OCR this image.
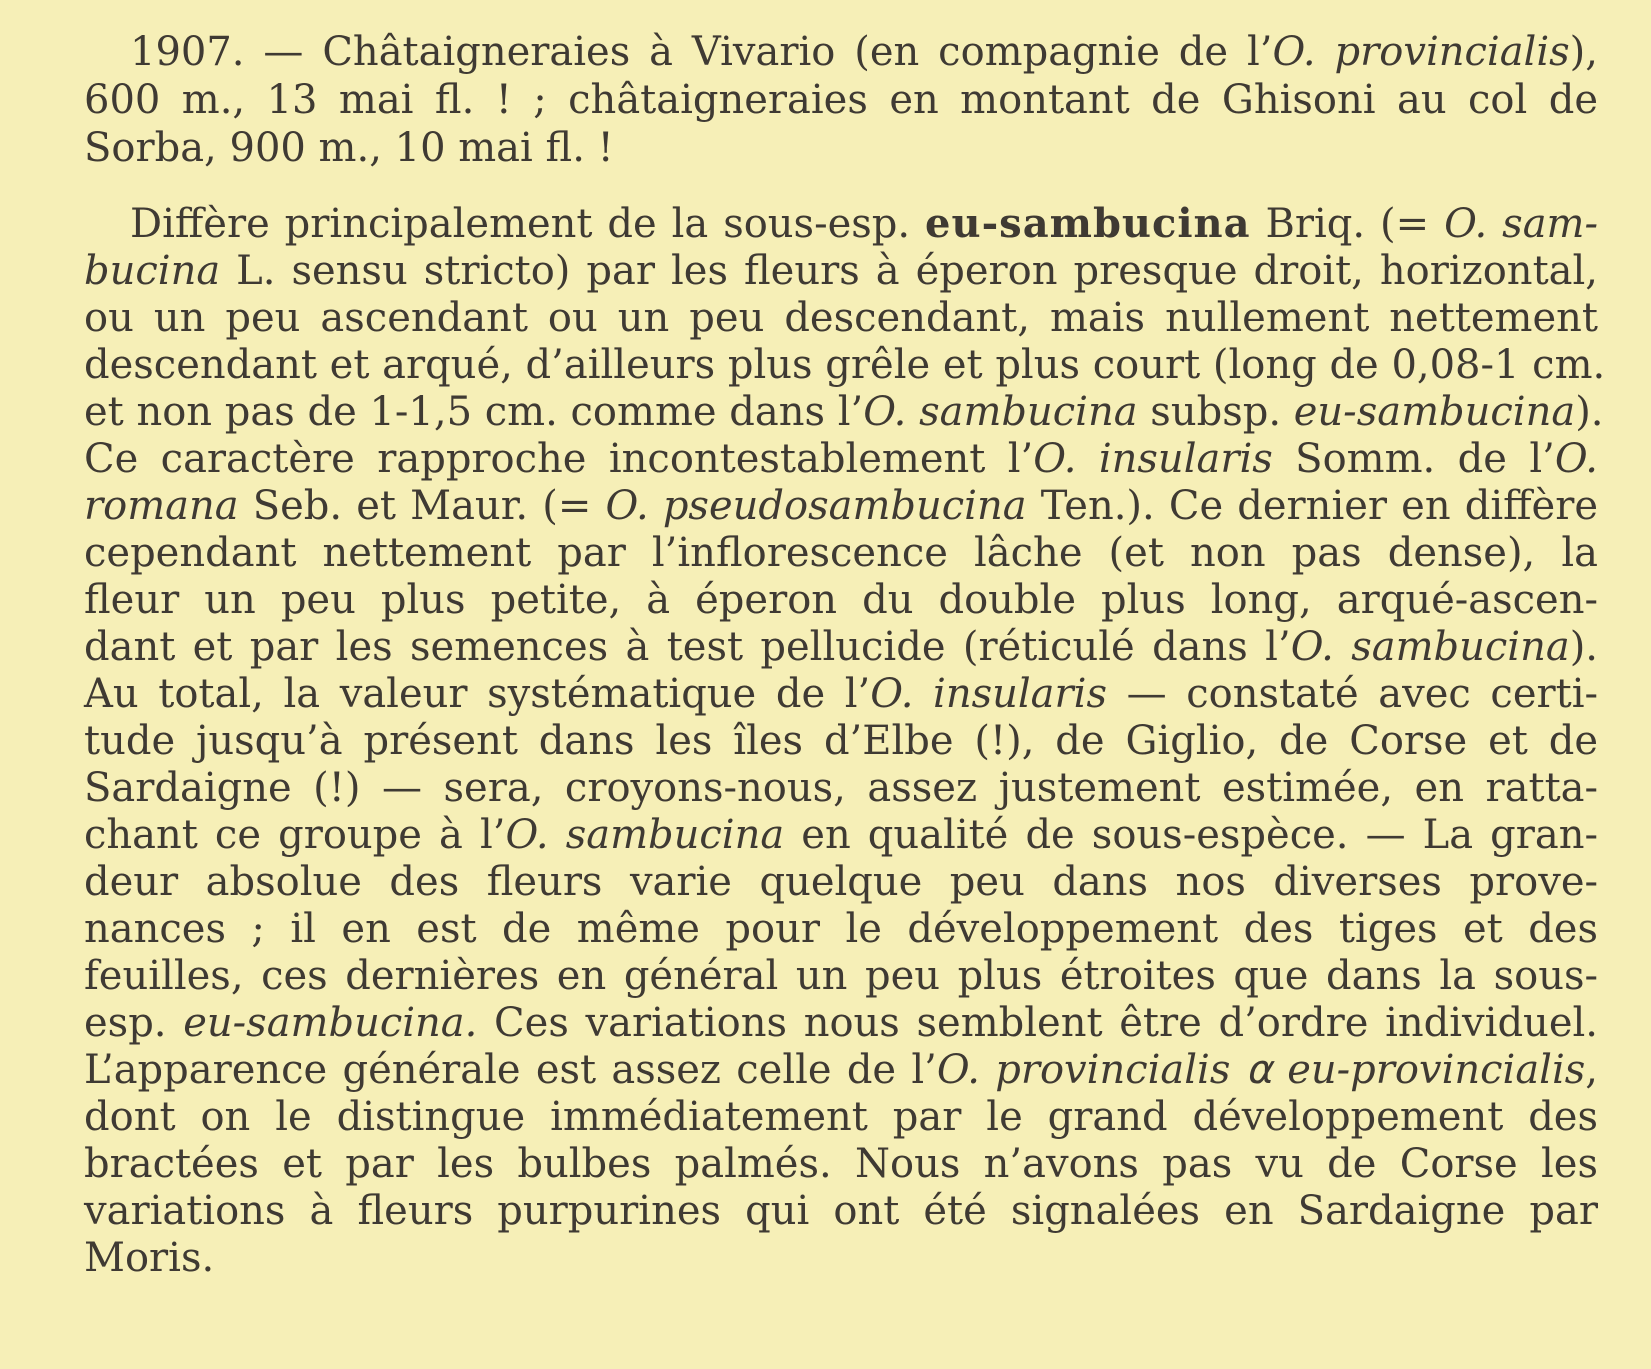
1907. — Châtaigneraies à Vivario (en compagnie de l’O. provincialis),
600 m., 13 mai fl. ! ; châtaigneraies en montant de Ghisoni au col de
Sorba, 900 m., 10 mai fl. !
Diffère principalement de la sous-esp. eu-sambucina Briq. (= O. sam-
bucina L. sensu stricto) par les fleurs à éperon presque droit, horizontal,
ou un peu ascendant ou un peu descendant, mais nullement nettement
descendant et arqué, d’ailleurs plus grêle et plus court (long de 0,08-1 cm.
et non pas de 1-1,5 cm. comme dans l’O. sambucina subsp. eu-sambucina).
Ce caractère rapproche incontestablement l’O. insularis Somm. de l’O.
romana Seb. et Maur. (= O. pseudosambucina Ten.). Ce dernier en diffère
cependant nettement par l’inflorescence lâche (et non pas dense), la
fleur un peu plus petite, à éperon du double plus long, arqué-ascen-
dant et par les semences à test pellucide (réticulé dans l’O. sambucina).
Au total, la valeur systématique de l’O. insularis — constaté avec certi-
tude jusqu’à présent dans les îles d’Elbe (!), de Giglio, de Corse et de
Sardaigne (!) — sera, croyons-nous, assez justement estimée, en ratta-
chant ce groupe à l’O. sambucina en qualité de sous-espèce. — La gran-
deur absolue des fleurs varie quelque peu dans nos diverses prove-
nances ; il en est de même pour le développement des tiges et des
feuilles, ces dernières en général un peu plus étroites que dans la sous-
esp. eu-sambucina. Ces variations nous semblent être d’ordre individuel.
L’apparence générale est assez celle de l’O. provincialis ⍺ eu-provincialis,
dont on le distingue immédiatement par le grand développement des
bractées et par les bulbes palmés. Nous n’avons pas vu de Corse les
variations à fleurs purpurines qui ont été signalées en Sardaigne par
Moris.
